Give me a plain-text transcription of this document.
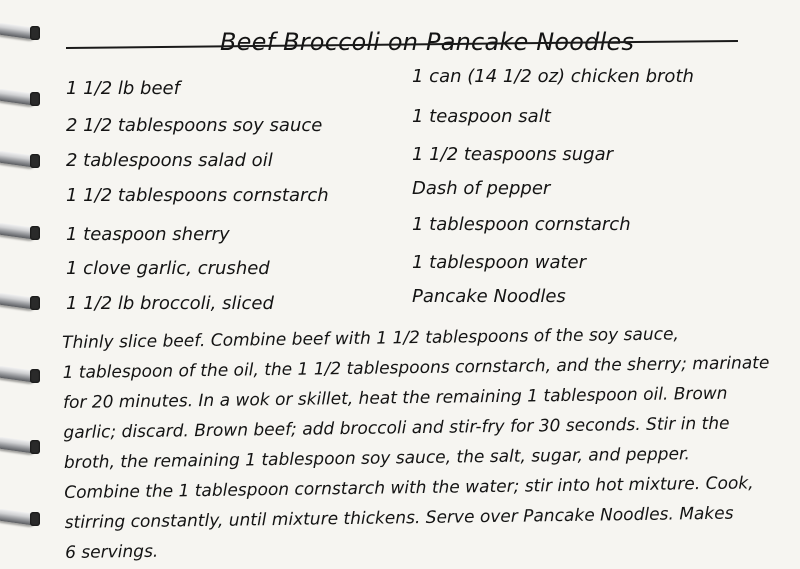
Beef Broccoli on Pancake Noodles
1 1/2 lb beef
2 1/2 tablespoons soy sauce
2 tablespoons salad oil
1 1/2 tablespoons cornstarch
1 teaspoon sherry
1 clove garlic, crushed
1 1/2 lb broccoli, sliced
1 can (14 1/2 oz) chicken broth
1 teaspoon salt
1 1/2 teaspoons sugar
Dash of pepper
1 tablespoon cornstarch
1 tablespoon water
Pancake Noodles
Thinly slice beef. Combine beef with 1 1/2 tablespoons of the soy sauce,
1 tablespoon of the oil, the 1 1/2 tablespoons cornstarch, and the sherry; marinate
for 20 minutes. In a wok or skillet, heat the remaining 1 tablespoon oil. Brown
garlic; discard. Brown beef; add broccoli and stir-fry for 30 seconds. Stir in the
broth, the remaining 1 tablespoon soy sauce, the salt, sugar, and pepper.
Combine the 1 tablespoon cornstarch with the water; stir into hot mixture. Cook,
stirring constantly, until mixture thickens. Serve over Pancake Noodles. Makes
6 servings.
